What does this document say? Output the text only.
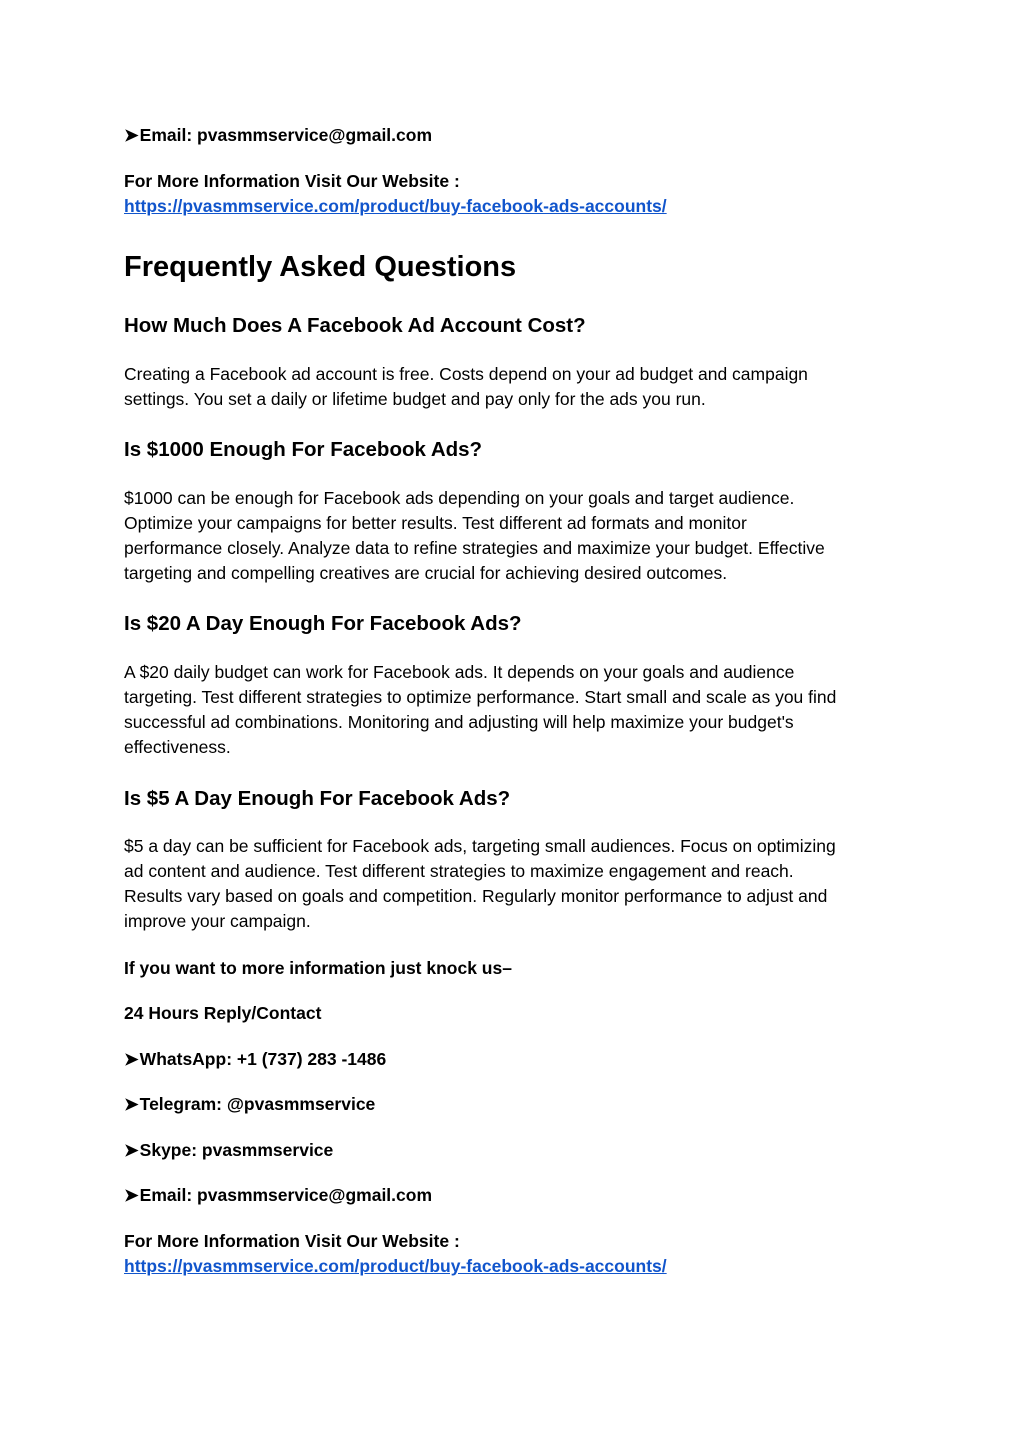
➤Email: pvasmmservice@gmail.com
For More Information Visit Our Website :
https://pvasmmservice.com/product/buy-facebook-ads-accounts/
Frequently Asked Questions
How Much Does A Facebook Ad Account Cost?
Creating a Facebook ad account is free. Costs depend on your ad budget and campaign
settings. You set a daily or lifetime budget and pay only for the ads you run.
Is $1000 Enough For Facebook Ads?
$1000 can be enough for Facebook ads depending on your goals and target audience.
Optimize your campaigns for better results. Test different ad formats and monitor
performance closely. Analyze data to refine strategies and maximize your budget. Effective
targeting and compelling creatives are crucial for achieving desired outcomes.
Is $20 A Day Enough For Facebook Ads?
A $20 daily budget can work for Facebook ads. It depends on your goals and audience
targeting. Test different strategies to optimize performance. Start small and scale as you find
successful ad combinations. Monitoring and adjusting will help maximize your budget's
effectiveness.
Is $5 A Day Enough For Facebook Ads?
$5 a day can be sufficient for Facebook ads, targeting small audiences. Focus on optimizing
ad content and audience. Test different strategies to maximize engagement and reach.
Results vary based on goals and competition. Regularly monitor performance to adjust and
improve your campaign.
If you want to more information just knock us–
24 Hours Reply/Contact
➤WhatsApp: +1 (737) 283 -1486
➤Telegram: @pvasmmservice
➤Skype: pvasmmservice
➤Email: pvasmmservice@gmail.com
For More Information Visit Our Website :
https://pvasmmservice.com/product/buy-facebook-ads-accounts/
